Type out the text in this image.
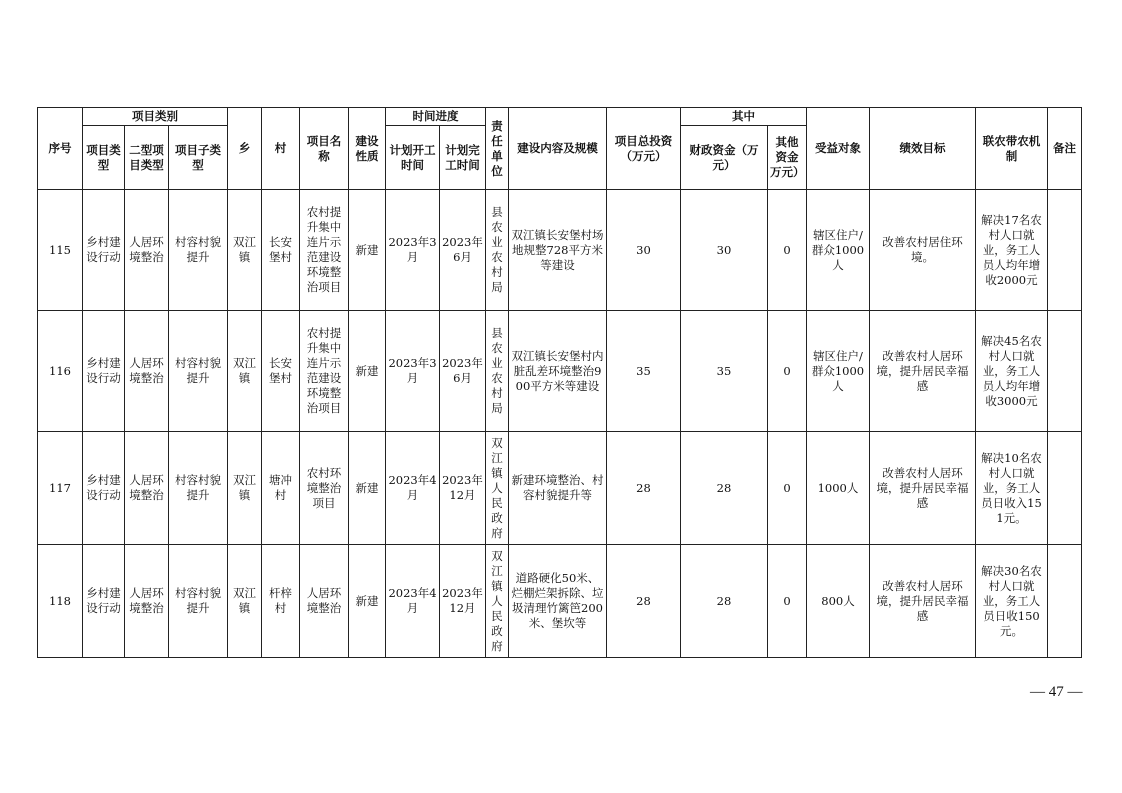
序号	项目类别			乡	村	项目名称	建设性质	时间进度		责任单位	建设内容及规模	项目总投资（万元）	其中		受益对象	绩效目标	联农带农机制	备注
	项目类型	二型项目类型	项目子类型					计划开工时间	计划完工时间				财政资金（万元）	其他资金万元）				
115	乡村建设行动	人居环境整治	村容村貌提升	双江镇	长安堡村	农村提升集中连片示范建设环境整治项目	新建	2023年3月	2023年6月	县农业农村局	双江镇长安堡村场地规整728平方米等建设	30	30	0	辖区住户/群众1000人	改善农村居住环境。	解决17名农村人口就业，务工人员人均年增收2000元	
116	乡村建设行动	人居环境整治	村容村貌提升	双江镇	长安堡村	农村提升集中连片示范建设环境整治项目	新建	2023年3月	2023年6月	县农业农村局	双江镇长安堡村内脏乱差环境整治900平方米等建设	35	35	0	辖区住户/群众1000人	改善农村人居环境，提升居民幸福感	解决45名农村人口就业，务工人员人均年增收3000元	
117	乡村建设行动	人居环境整治	村容村貌提升	双江镇	塘冲村	农村环境整治项目	新建	2023年4月	2023年12月	双江镇人民政府	新建环境整治、村容村貌提升等	28	28	0	1000人	改善农村人居环境，提升居民幸福感	解决10名农村人口就业，务工人员日收入151元。	
118	乡村建设行动	人居环境整治	村容村貌提升	双江镇	杆梓村	人居环境整治	新建	2023年4月	2023年12月	双江镇人民政府	道路硬化50米、烂棚烂架拆除、垃圾清理竹篱笆200米、堡坎等	28	28	0	800人	改善农村人居环境，提升居民幸福感	解决30名农村人口就业，务工人员日收150元。	
— 47 —
